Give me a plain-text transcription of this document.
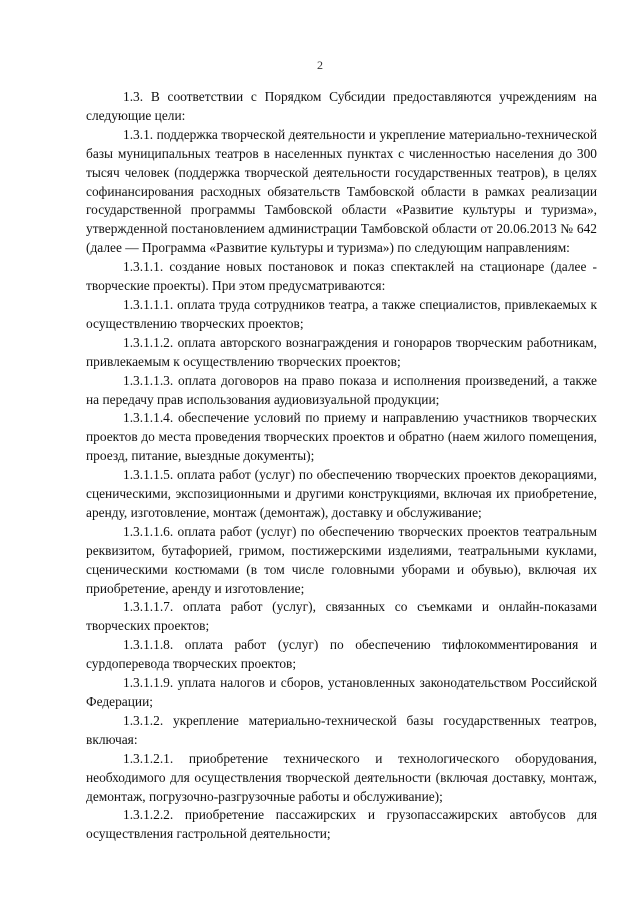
2

1.3. В соответствии с Порядком Субсидии предоставляются учреждениям на следующие цели:

1.3.1. поддержка творческой деятельности и укрепление материально-технической базы муниципальных театров в населенных пунктах с численностью населения до 300 тысяч человек (поддержка творческой деятельности государственных театров), в целях софинансирования расходных обязательств Тамбовской области в рамках реализации государственной программы Тамбовской области «Развитие культуры и туризма», утвержденной постановлением администрации Тамбовской области от 20.06.2013 № 642 (далее — Программа «Развитие культуры и туризма») по следующим направлениям:

1.3.1.1. создание новых постановок и показ спектаклей на стационаре (далее - творческие проекты). При этом предусматриваются:

1.3.1.1.1. оплата труда сотрудников театра, а также специалистов, привлекаемых к осуществлению творческих проектов;

1.3.1.1.2. оплата авторского вознаграждения и гонораров творческим работникам, привлекаемым к осуществлению творческих проектов;

1.3.1.1.3. оплата договоров на право показа и исполнения произведений, а также на передачу прав использования аудиовизуальной продукции;

1.3.1.1.4. обеспечение условий по приему и направлению участников творческих проектов до места проведения творческих проектов и обратно (наем жилого помещения, проезд, питание, выездные документы);

1.3.1.1.5. оплата работ (услуг) по обеспечению творческих проектов декорациями, сценическими, экспозиционными и другими конструкциями, включая их приобретение, аренду, изготовление, монтаж (демонтаж), доставку и обслуживание;

1.3.1.1.6. оплата работ (услуг) по обеспечению творческих проектов театральным реквизитом, бутафорией, гримом, постижерскими изделиями, театральными куклами, сценическими костюмами (в том числе головными уборами и обувью), включая их приобретение, аренду и изготовление;

1.3.1.1.7. оплата работ (услуг), связанных со съемками и онлайн-показами творческих проектов;

1.3.1.1.8. оплата работ (услуг) по обеспечению тифлокомментирования и сурдоперевода творческих проектов;

1.3.1.1.9. уплата налогов и сборов, установленных законодательством Российской Федерации;

1.3.1.2. укрепление материально-технической базы государственных театров, включая:

1.3.1.2.1. приобретение технического и технологического оборудования, необходимого для осуществления творческой деятельности (включая доставку, монтаж, демонтаж, погрузочно-разгрузочные работы и обслуживание);

1.3.1.2.2. приобретение пассажирских и грузопассажирских автобусов для осуществления гастрольной деятельности;
